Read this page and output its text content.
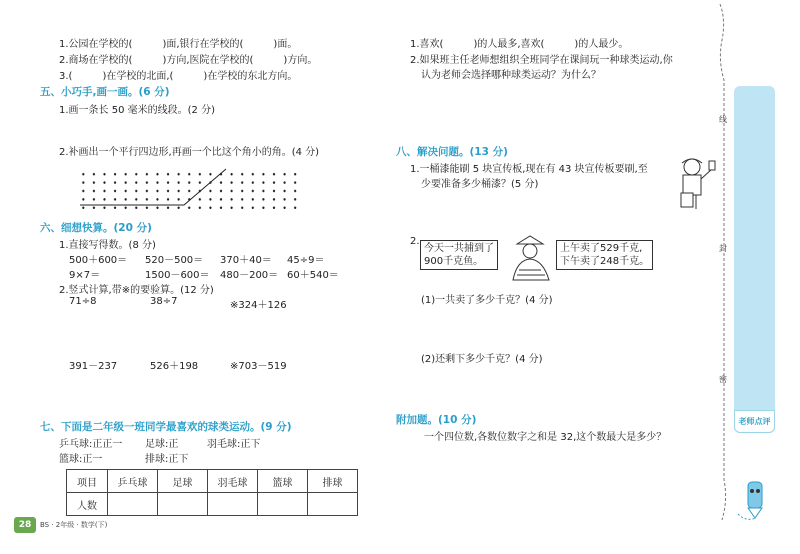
1.公园在学校的(　　　)面,银行在学校的(　　　)面。
2.商场在学校的(　　　)方向,医院在学校的(　　　)方向。
3.(　　　)在学校的北面,(　　　)在学校的东北方向。
五、小巧手,画一画。(6 分)
1.画一条长 50 毫米的线段。(2 分)
2.补画出一个平行四边形,再画一个比这个角小的角。(4 分)
六、细想快算。(20 分)
1.直接写得数。(8 分)
500＋600＝ 520－500＝ 370＋40＝ 45÷9＝
9×7＝	1500－600＝ 480－200＝ 60＋540＝
2.竖式计算,带※的要验算。(12 分)
71÷8	38÷7	※324＋126
391－237	526＋198	※703－519
七、下面是二年级一班同学最喜欢的球类运动。(9 分)
乒乓球:正正一 足球:正	羽毛球:正下
篮球:正一	排球:正下
项目	乒乓球	足球	羽毛球	篮球	排球
人数					
28	BS · 2年级 · 数学(下)
1.喜欢(　　　)的人最多,喜欢(　　　)的人最少。
2.如果班主任老师想组织全班同学在课间玩一种球类运动,你
认为老师会选择哪种球类运动？为什么？
八、解决问题。(13 分)
1.一桶漆能刷 5 块宣传板,现在有 43 块宣传板要刷,至
少要准备多少桶漆？(5 分)
2.
今天一共捕到了
900千克鱼。
上午卖了529千克,
下午卖了248千克。
(1)一共卖了多少千克？(4 分)
(2)还剩下多少千克？(4 分)
附加题。(10 分)
一个四位数,各数位数字之和是 32,这个数最大是多少？
线
封
密
老师点评
